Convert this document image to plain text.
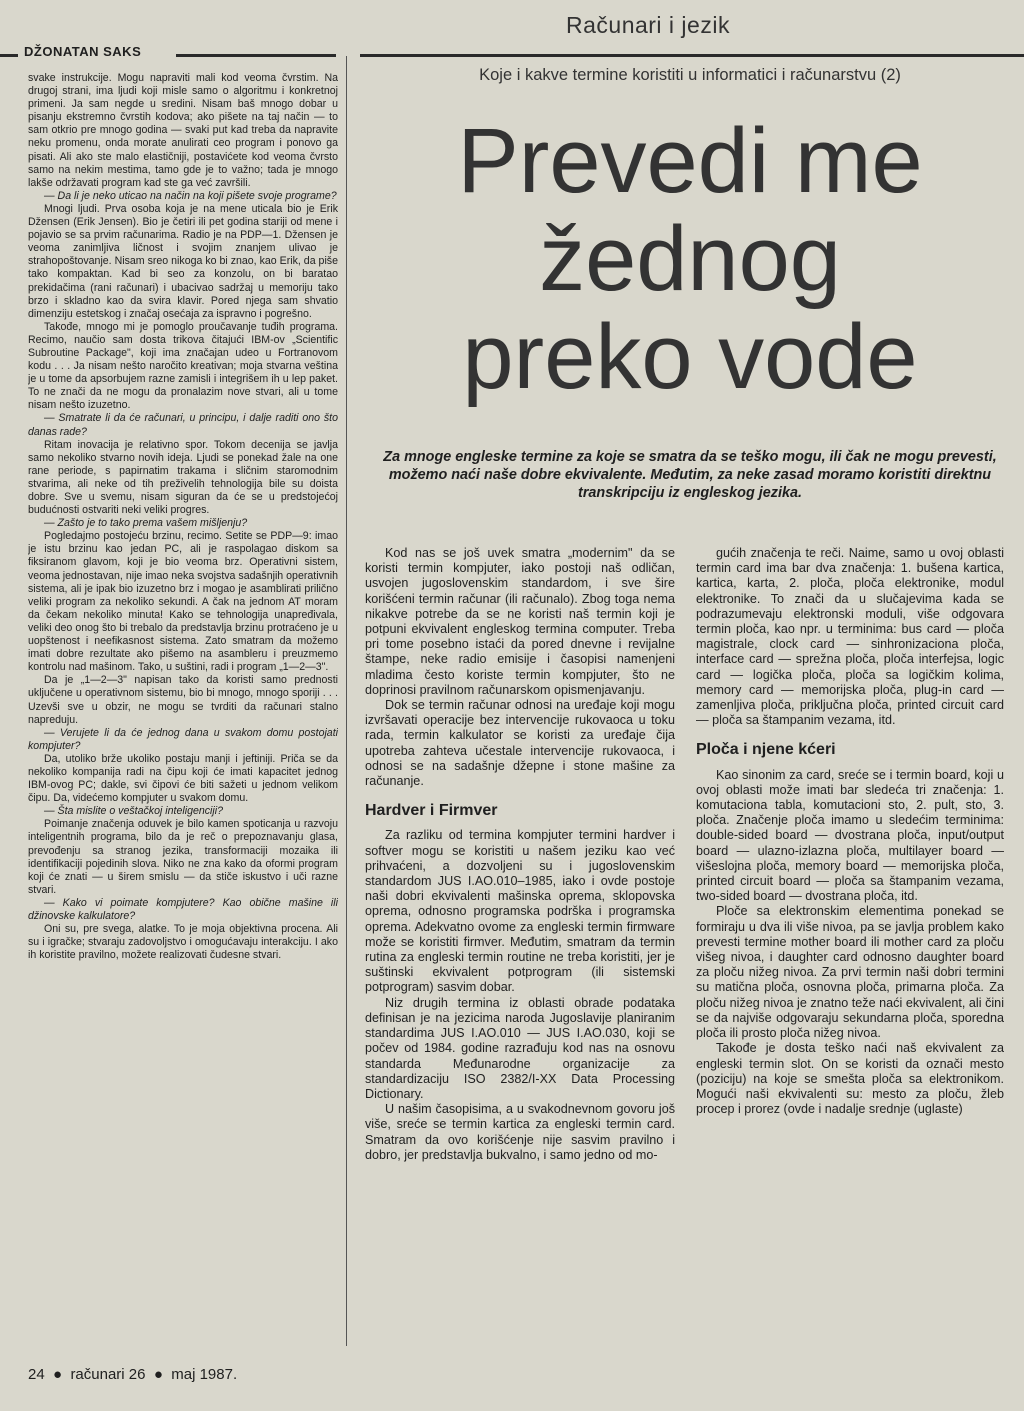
Računari i jezik
DŽONATAN SAKS

svake instrukcije. Mogu napraviti mali kod veoma čvrstim. Na drugoj strani, ima ljudi koji misle samo o algoritmu i konkretnoj primeni. Ja sam negde u sredini. Nisam baš mnogo dobar u pisanju ekstremno čvrstih kodova; ako pišete na taj način — to sam otkrio pre mnogo godina — svaki put kad treba da napravite neku promenu, onda morate anulirati ceo program i ponovo ga pisati. Ali ako ste malo elastičniji, postavićete kod veoma čvrsto samo na nekim mestima, tamo gde je to važno; tada je mnogo lakše održavati program kad ste ga već završili.

— Da li je neko uticao na način na koji pišete svoje programe?

Mnogi ljudi. Prva osoba koja je na mene uticala bio je Erik Džensen (Erik Jensen). Bio je četiri ili pet godina stariji od mene i pojavio se sa prvim računarima. Radio je na PDP—1. Džensen je veoma zanimljiva ličnost i svojim znanjem ulivao je strahopoštovanje. Nisam sreo nikoga ko bi znao, kao Erik, da piše tako kompaktan. Kad bi seo za konzolu, on bi baratao prekidačima (rani računari) i ubacivao sadržaj u memoriju tako brzo i skladno kao da svira klavir. Pored njega sam shvatio dimenziju estetskog i značaj osećaja za ispravno i pogrešno.

Takođe, mnogo mi je pomoglo proučavanje tuđih programa. Recimo, naučio sam dosta trikova čitajući IBM-ov „Scientific Subroutine Package", koji ima značajan udeo u Fortranovom kodu . . . Ja nisam nešto naročito kreativan; moja stvarna veština je u tome da apsorbujem razne zamisli i integrišem ih u lep paket. To ne znači da ne mogu da pronalazim nove stvari, ali u tome nisam nešto izuzetno.

— Smatrate li da će računari, u principu, i dalje raditi ono što danas rade?

Ritam inovacija je relativno spor. Tokom decenija se javlja samo nekoliko stvarno novih ideja. Ljudi se ponekad žale na one rane periode, s papirnatim trakama i sličnim staromodnim stvarima, ali neke od tih preživelih tehnologija bile su doista dobre. Sve u svemu, nisam siguran da će se u predstojećoj budućnosti ostvariti neki veliki progres.

— Zašto je to tako prema vašem mišljenju?

Pogledajmo postojeću brzinu, recimo. Setite se PDP—9: imao je istu brzinu kao jedan PC, ali je raspolagao diskom sa fiksiranom glavom, koji je bio veoma brz. Operativni sistem, veoma jednostavan, nije imao neka svojstva sadašnjih operativnih sistema, ali je ipak bio izuzetno brz i mogao je asamblirati prilično veliki program za nekoliko sekundi. A čak na jednom AT moram da čekam nekoliko minuta! Kako se tehnologija unapređivala, veliki deo onog što bi trebalo da predstavlja brzinu protraćeno je u uopštenost i neefikasnost sistema. Zato smatram da možemo imati dobre rezultate ako pišemo na asambleru i preuzmemo kontrolu nad mašinom. Tako, u suštini, radi i program „1—2—3".

Da je „1—2—3" napisan tako da koristi samo prednosti uključene u operativnom sistemu, bio bi mnogo, mnogo sporiji . . . Uzevši sve u obzir, ne mogu se tvrditi da računari stalno napreduju.

— Verujete li da će jednog dana u svakom domu postojati kompjuter?

Da, utoliko brže ukoliko postaju manji i jeftiniji. Priča se da nekoliko kompanija radi na čipu koji će imati kapacitet jednog IBM-ovog PC; dakle, svi čipovi će biti sažeti u jednom velikom čipu. Da, videćemo kompjuter u svakom domu.

— Šta mislite o veštačkoj inteligenciji?

Poimanje značenja oduvek je bilo kamen spoticanja u razvoju inteligentnih programa, bilo da je reč o prepoznavanju glasa, prevođenju sa stranog jezika, transformaciji mozaika ili identifikaciji pojedinih slova. Niko ne zna kako da oformi program koji će znati — u širem smislu — da stiče iskustvo i uči razne stvari.

— Kako vi poimate kompjutere? Kao obične mašine ili džinovske kalkulatore?

Oni su, pre svega, alatke. To je moja objektivna procena. Ali su i igračke; stvaraju zadovoljstvo i omogućavaju interakciju. I ako ih koristite pravilno, možete realizovati čudesne stvari.

Koje i kakve termine koristiti u informatici i računarstvu (2)
Prevedi me
žednog
preko vode
Za mnoge engleske termine za koje se smatra da se teško mogu, ili čak ne mogu prevesti, možemo naći naše dobre ekvivalente. Međutim, za neke zasad moramo koristiti direktnu transkripciju iz engleskog jezika.

Kod nas se još uvek smatra „modernim" da se koristi termin kompjuter, iako postoji naš odličan, usvojen jugoslovenskim standardom, i sve šire korišćeni termin računar (ili računalo). Zbog toga nema nikakve potrebe da se ne koristi naš termin koji je potpuni ekvivalent engleskog termina computer. Treba pri tome posebno istaći da pored dnevne i revijalne štampe, neke radio emisije i časopisi namenjeni mladima često koriste termin kompjuter, što ne doprinosi pravilnom računarskom opismenjavanju.

Dok se termin računar odnosi na uređaje koji mogu izvršavati operacije bez intervencije rukovaoca u toku rada, termin kalkulator se koristi za uređaje čija upotreba zahteva učestale intervencije rukovaoca, i odnosi se na sadašnje džepne i stone mašine za računanje.

Hardver i Firmver

Za razliku od termina kompjuter termini hardver i softver mogu se koristiti u našem jeziku kao već prihvaćeni, a dozvoljeni su i jugoslovenskim standardom JUS I.AO.010–1985, iako i ovde postoje naši dobri ekvivalenti mašinska oprema, sklopovska oprema, odnosno programska podrška i programska oprema. Adekvatno ovome za engleski termin firmware može se koristiti firmver. Međutim, smatram da termin rutina za engleski termin routine ne treba koristiti, jer je suštinski ekvivalent potprogram (ili sistemski potprogram) sasvim dobar.

Niz drugih termina iz oblasti obrade podataka definisan je na jezicima naroda Jugoslavije planiranim standardima JUS I.AO.010 — JUS I.AO.030, koji se počev od 1984. godine razrađuju kod nas na osnovu standarda Međunarodne organizacije za standardizaciju ISO 2382/I-XX Data Processing Dictionary.

U našim časopisima, a u svakodnevnom govoru još više, sreće se termin kartica za engleski termin card. Smatram da ovo korišćenje nije sasvim pravilno i dobro, jer predstavlja bukvalno, i samo jedno od mo-

gućih značenja te reči. Naime, samo u ovoj oblasti termin card ima bar dva značenja: 1. bušena kartica, kartica, karta, 2. ploča, ploča elektronike, modul elektronike. To znači da u slučajevima kada se podrazumevaju elektronski moduli, više odgovara termin ploča, kao npr. u terminima: bus card — ploča magistrale, clock card — sinhronizaciona ploča, interface card — sprežna ploča, ploča interfejsa, logic card — logička ploča, ploča sa logičkim kolima, memory card — memorijska ploča, plug-in card — zamenljiva ploča, priključna ploča, printed circuit card — ploča sa štampanim vezama, itd.

Ploča i njene kćeri

Kao sinonim za card, sreće se i termin board, koji u ovoj oblasti može imati bar sledeća tri značenja: 1. komutaciona tabla, komutacioni sto, 2. pult, sto, 3. ploča. Značenje ploča imamo u sledećim terminima: double-sided board — dvostrana ploča, input/output board — ulazno-izlazna ploča, multilayer board — višeslojna ploča, memory board — memorijska ploča, printed circuit board — ploča sa štampanim vezama, two-sided board — dvostrana ploča, itd.

Ploče sa elektronskim elementima ponekad se formiraju u dva ili više nivoa, pa se javlja problem kako prevesti termine mother board ili mother card za ploču višeg nivoa, i daughter card odnosno daughter board za ploču nižeg nivoa. Za prvi termin naši dobri termini su matična ploča, osnovna ploča, primarna ploča. Za ploču nižeg nivoa je znatno teže naći ekvivalent, ali čini se da najviše odgovaraju sekundarna ploča, sporedna ploča ili prosto ploča nižeg nivoa.

Takođe je dosta teško naći naš ekvivalent za engleski termin slot. On se koristi da označi mesto (poziciju) na koje se smešta ploča sa elektronikom. Mogući naši ekvivalenti su: mesto za ploču, žleb procep i prorez (ovde i nadalje srednje (uglaste)

24  ●  računari 26  ●  maj 1987.
